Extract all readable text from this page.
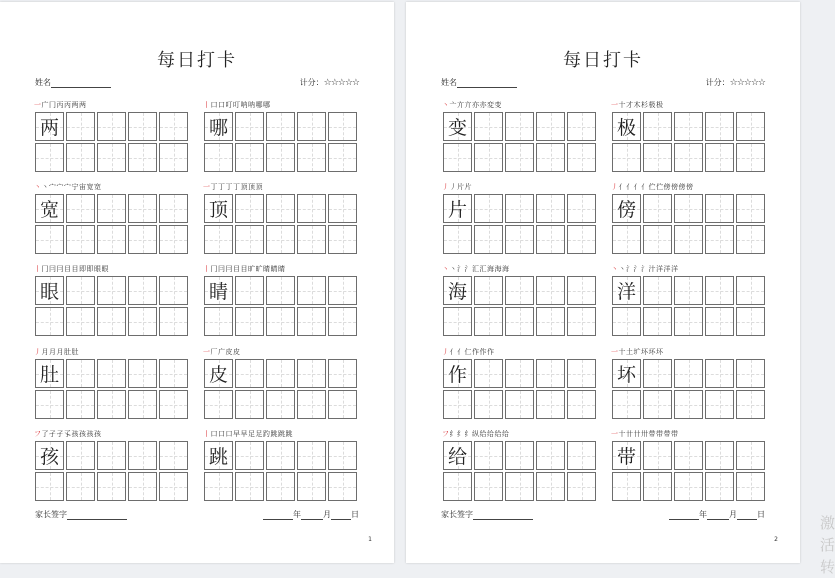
每日打卡
姓名	计分：☆☆☆☆☆
一广冂丙丙两两
两
丨口口叮叮呐呐哪哪
哪
丶丶宀宀宀宁宙宽宽
宽
一丁丁丁丁顶顶顶
顶
丨冂冃冃目目即即眼眼
眼
丨冂冃冃目目旷旷睛睛睛
睛
丿月月月肚肚
肚
一厂广皮皮
皮
フ了孑孑孓孩孩孩孩
孩
丨口口口早早足足趵跳跳跳
跳
家长签字	年	月	日
1
每日打卡
姓名	计分：☆☆☆☆☆
丶亠亣亣亦亦変变
变
一十才木杉极极
极
丿丿片片
片
丿亻亻亻亻伫伫傍傍傍傍
傍
丶丶氵氵汇汇海海海
海
丶丶氵氵氵汁洋洋洋
洋
丿亻亻仁作作作
作
一十土圹坏坏坏
坏
フ纟纟纟纵给给给给
给
一十卄卄卅带带带带
带
家长签字	年	月	日
2
激活转
